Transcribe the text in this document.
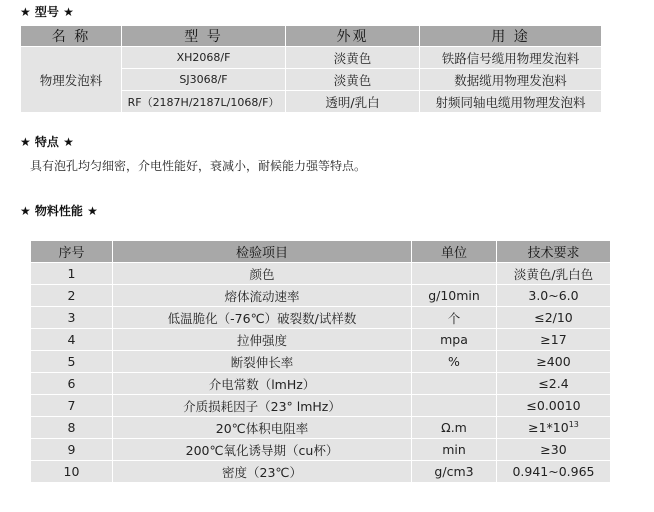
★ 型号 ★
名 称	型 号	外观	用 途
物理发泡料	XH2068/F	淡黄色	铁路信号缆用物理发泡料
	SJ3068/F	淡黄色	数据缆用物理发泡料
	RF（2187H/2187L/1068/F）	透明/乳白	射频同轴电缆用物理发泡料
★ 特点 ★
具有泡孔均匀细密，介电性能好，衰减小，耐候能力强等特点。
★ 物料性能 ★
序号	检验项目	单位	技术要求
1	颜色		淡黄色/乳白色
2	熔体流动速率	g/10min	3.0~6.0
3	低温脆化（-76℃）破裂数/试样数	个	≤2/10
4	拉伸强度	mpa	≥17
5	断裂伸长率	%	≥400
6	介电常数（lmHz）		≤2.4
7	介质损耗因子（23° lmHz）		≤0.0010
8	20℃体积电阻率	Ω.m	$\ge 1*10^{13}$
9	200℃氧化诱导期（cu杯）	min	≥30
10	密度（23℃）	g/cm3	0.941~0.965
